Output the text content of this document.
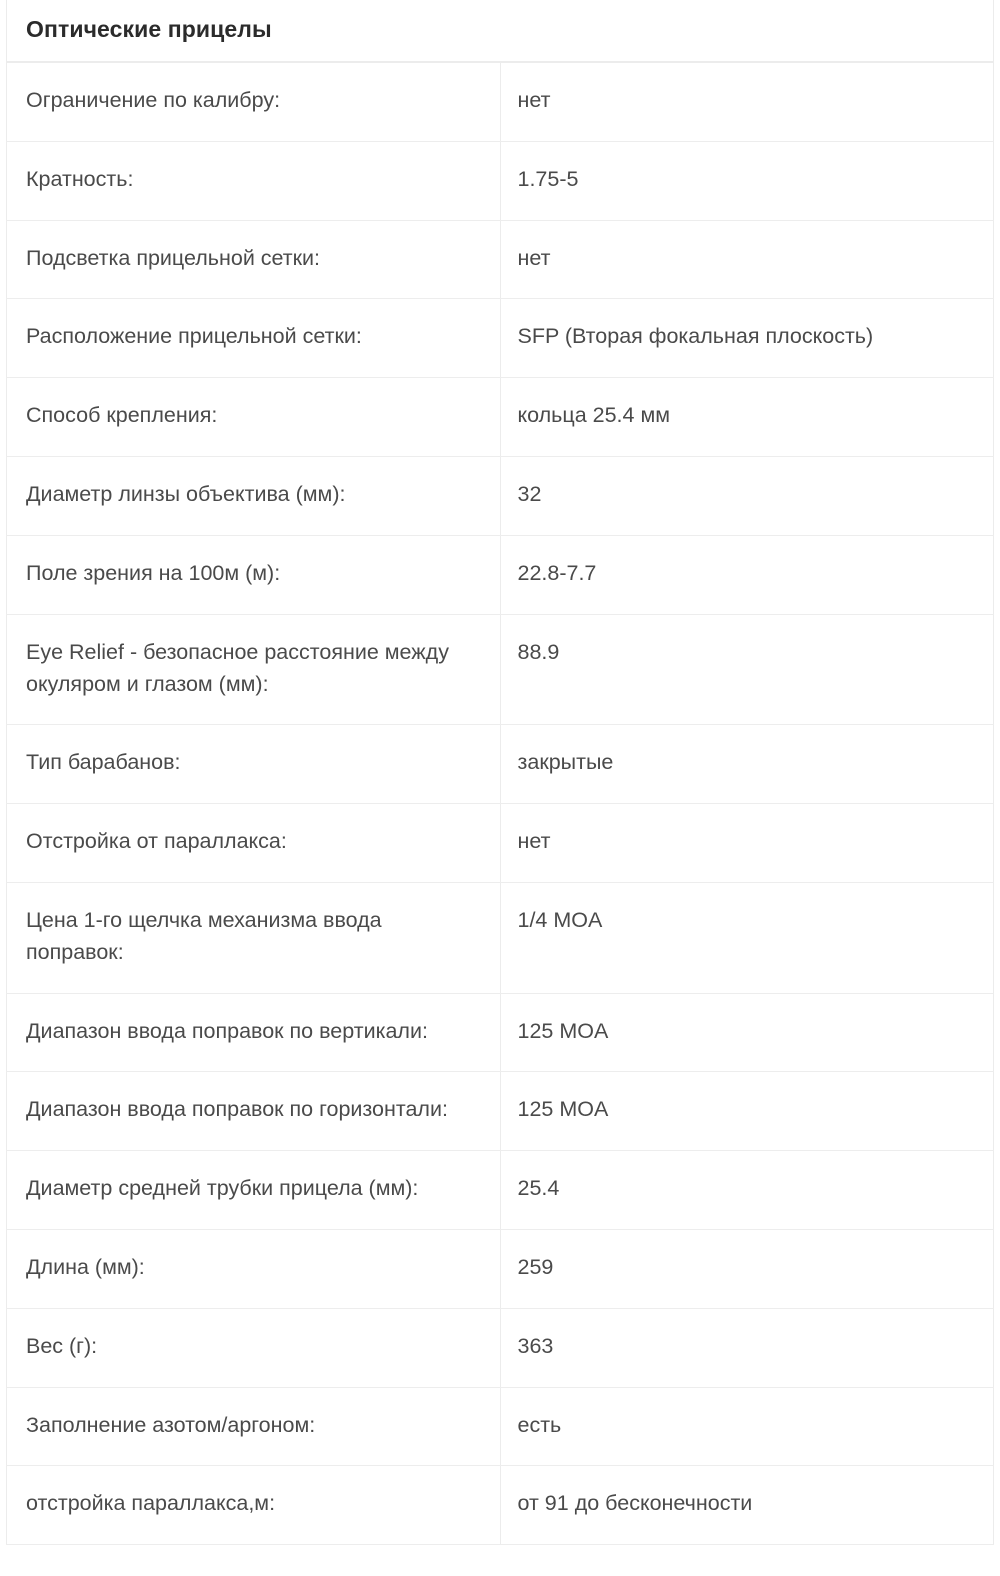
Оптические прицелы	
Ограничение по калибру:	нет
Кратность:	1.75-5
Подсветка прицельной сетки:	нет
Расположение прицельной сетки:	SFP (Вторая фокальная плоскость)
Способ крепления:	кольца 25.4 мм
Диаметр линзы объектива (мм):	32
Поле зрения на 100м (м):	22.8-7.7
Eye Relief - безопасное расстояние между окуляром и глазом (мм):	88.9
Тип барабанов:	закрытые
Отстройка от параллакса:	нет
Цена 1-го щелчка механизма ввода поправок:	1/4 MOA
Диапазон ввода поправок по вертикали:	125 MOA
Диапазон ввода поправок по горизонтали:	125 MOA
Диаметр средней трубки прицела (мм):	25.4
Длина (мм):	259
Вес (г):	363
Заполнение азотом/аргоном:	есть
отстройка параллакса,м:	от 91 до бесконечности
